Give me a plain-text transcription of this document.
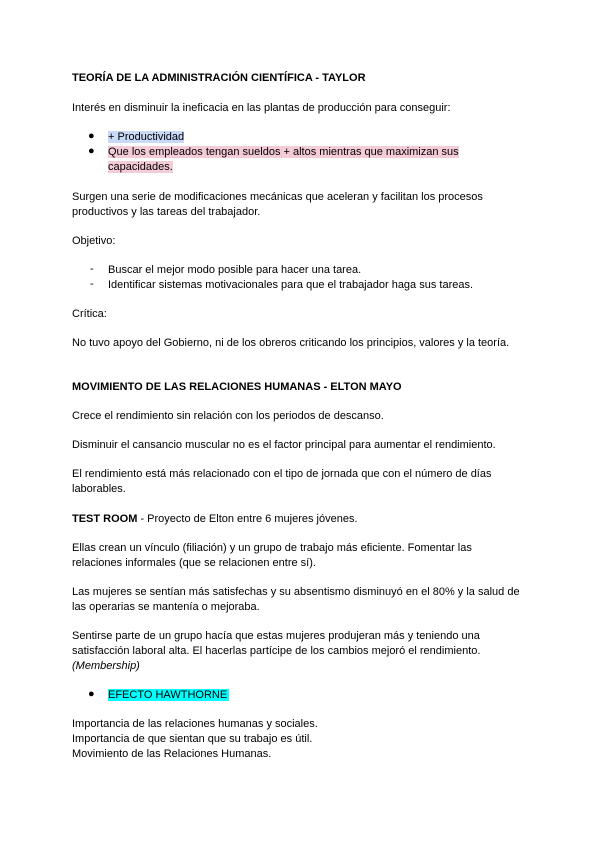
TEORÍA DE LA ADMINISTRACIÓN CIENTÍFICA - TAYLOR

Interés en disminuir la ineficacia en las plantas de producción para conseguir:

● + Productividad
● Que los empleados tengan sueldos + altos mientras que maximizan sus
capacidades.

Surgen una serie de modificaciones mecánicas que aceleran y facilitan los procesos

productivos y las tareas del trabajador.

Objetivo:

- Buscar el mejor modo posible para hacer una tarea.
- Identificar sistemas motivacionales para que el trabajador haga sus tareas.

Crítica:

No tuvo apoyo del Gobierno, ni de los obreros criticando los principios, valores y la teoría.

MOVIMIENTO DE LAS RELACIONES HUMANAS - ELTON MAYO

Crece el rendimiento sin relación con los periodos de descanso.

Disminuir el cansancio muscular no es el factor principal para aumentar el rendimiento.

El rendimiento está más relacionado con el tipo de jornada que con el número de días

laborables.

TEST ROOM - Proyecto de Elton entre 6 mujeres jóvenes.

Ellas crean un vínculo (filiación) y un grupo de trabajo más eficiente. Fomentar las

relaciones informales (que se relacionen entre sí).

Las mujeres se sentían más satisfechas y su absentismo disminuyó en el 80% y la salud de

las operarias se mantenía o mejoraba.

Sentirse parte de un grupo hacía que estas mujeres produjeran más y teniendo una

satisfacción laboral alta. El hacerlas partícipe de los cambios mejoró el rendimiento.

(Membership)

● EFECTO HAWTHORNE

Importancia de las relaciones humanas y sociales.

Importancia de que sientan que su trabajo es útil.

Movimiento de las Relaciones Humanas.
